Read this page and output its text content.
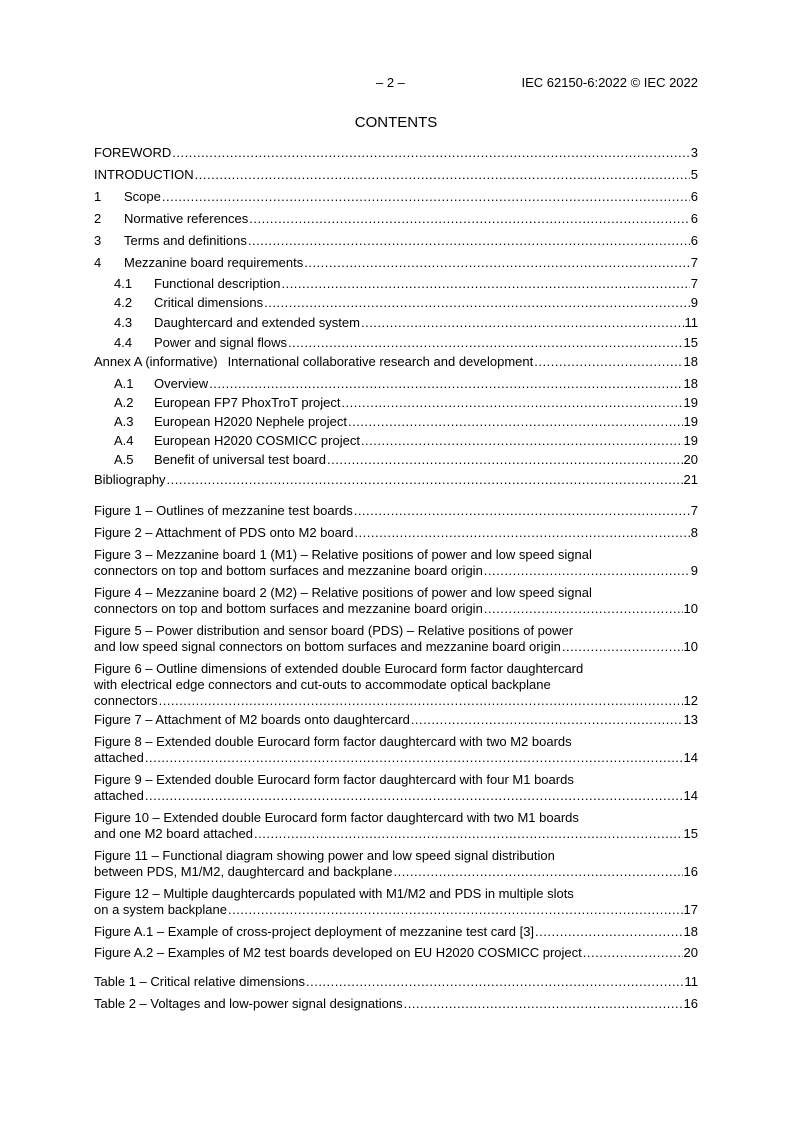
– 2 –	IEC 62150-6:2022 © IEC 2022
CONTENTS
FOREWORD .....	3
INTRODUCTION .....	5
1 Scope .....	6
2 Normative references .....	6
3 Terms and definitions .....	6
4 Mezzanine board requirements .....	7
4.1 Functional description .....	7
4.2 Critical dimensions .....	9
4.3 Daughtercard and extended system .....	11
4.4 Power and signal flows .....	15
Annex A (informative) International collaborative research and development .....	18
A.1 Overview .....	18
A.2 European FP7 PhoxTroT project .....	19
A.3 European H2020 Nephele project .....	19
A.4 European H2020 COSMICC project .....	19
A.5 Benefit of universal test board .....	20
Bibliography .....	21
Figure 1 – Outlines of mezzanine test boards .....	7
Figure 2 – Attachment of PDS onto M2 board .....	8
Figure 3 – Mezzanine board 1 (M1) – Relative positions of power and low speed signal
connectors on top and bottom surfaces and mezzanine board origin .....	9
Figure 4 – Mezzanine board 2 (M2) – Relative positions of power and low speed signal
connectors on top and bottom surfaces and mezzanine board origin .....	10
Figure 5 – Power distribution and sensor board (PDS) – Relative positions of power
and low speed signal connectors on bottom surfaces and mezzanine board origin .....	10
Figure 6 – Outline dimensions of extended double Eurocard form factor daughtercard
with electrical edge connectors and cut-outs to accommodate optical backplane
connectors .....	12
Figure 7 – Attachment of M2 boards onto daughtercard .....	13
Figure 8 – Extended double Eurocard form factor daughtercard with two M2 boards
attached .....	14
Figure 9 – Extended double Eurocard form factor daughtercard with four M1 boards
attached .....	14
Figure 10 – Extended double Eurocard form factor daughtercard with two M1 boards
and one M2 board attached .....	15
Figure 11 – Functional diagram showing power and low speed signal distribution
between PDS, M1/M2, daughtercard and backplane .....	16
Figure 12 – Multiple daughtercards populated with M1/M2 and PDS in multiple slots
on a system backplane .....	17
Figure A.1 – Example of cross-project deployment of mezzanine test card [3] .....	18
Figure A.2 – Examples of M2 test boards developed on EU H2020 COSMICC project .....	20
Table 1 – Critical relative dimensions .....	11
Table 2 – Voltages and low-power signal designations .....	16
